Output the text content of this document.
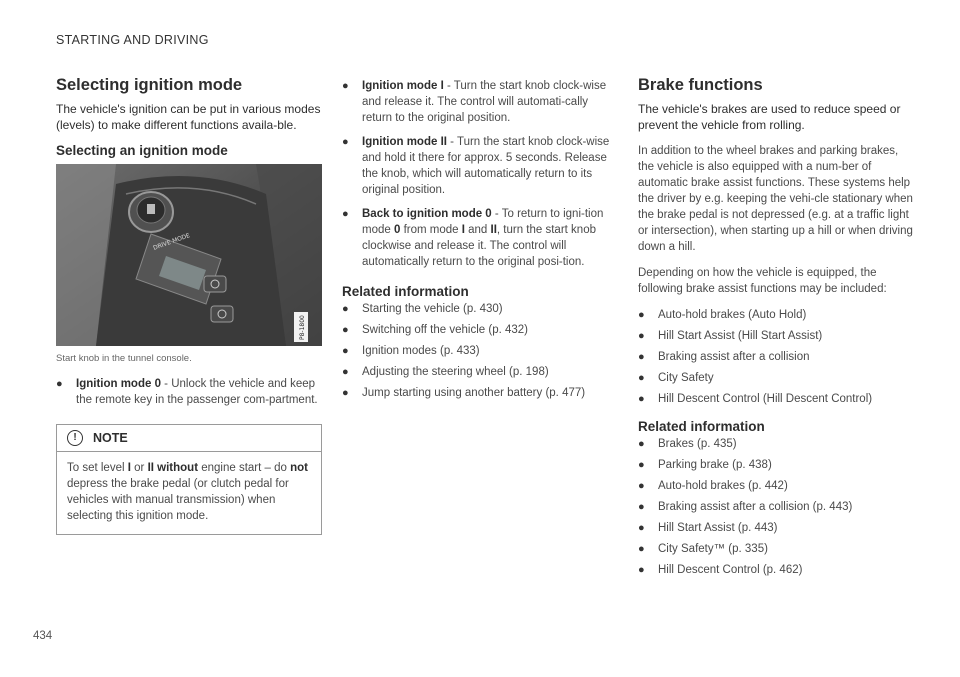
STARTING AND DRIVING
Selecting ignition mode

The vehicle's ignition can be put in various modes (levels) to make different functions availa-ble.

Selecting an ignition mode
DRIVE MODE
P8-1800
Start knob in the tunnel console.
●	Ignition mode 0 - Unlock the vehicle and keep the remote key in the passenger com-partment.
!	NOTE
To set level I or II without engine start – do not depress the brake pedal (or clutch pedal for vehicles with manual transmission) when selecting this ignition mode.
●	Ignition mode I - Turn the start knob clock-wise and release it. The control will automati-cally return to the original position.
●	Ignition mode II - Turn the start knob clock-wise and hold it there for approx. 5 seconds. Release the knob, which will automatically return to its original position.
●	Back to ignition mode 0 - To return to igni-tion mode 0 from mode I and II, turn the start knob clockwise and release it. The control will automatically return to the original posi-tion.
Related information
●	Starting the vehicle (p. 430)
●	Switching off the vehicle (p. 432)
●	Ignition modes (p. 433)
●	Adjusting the steering wheel (p. 198)
●	Jump starting using another battery (p. 477)
Brake functions

The vehicle's brakes are used to reduce speed or prevent the vehicle from rolling.

In addition to the wheel brakes and parking brakes, the vehicle is also equipped with a num-ber of automatic brake assist functions. These systems help the driver by e.g. keeping the vehi-cle stationary when the brake pedal is not depressed (e.g. at a traffic light or intersection), when starting up a hill or when driving down a hill.

Depending on how the vehicle is equipped, the following brake assist functions may be included:

●	Auto-hold brakes (Auto Hold)
●	Hill Start Assist (Hill Start Assist)
●	Braking assist after a collision
●	City Safety
●	Hill Descent Control (Hill Descent Control)
Related information
●	Brakes (p. 435)
●	Parking brake (p. 438)
●	Auto-hold brakes (p. 442)
●	Braking assist after a collision (p. 443)
●	Hill Start Assist (p. 443)
●	City Safety™ (p. 335)
●	Hill Descent Control (p. 462)
434
